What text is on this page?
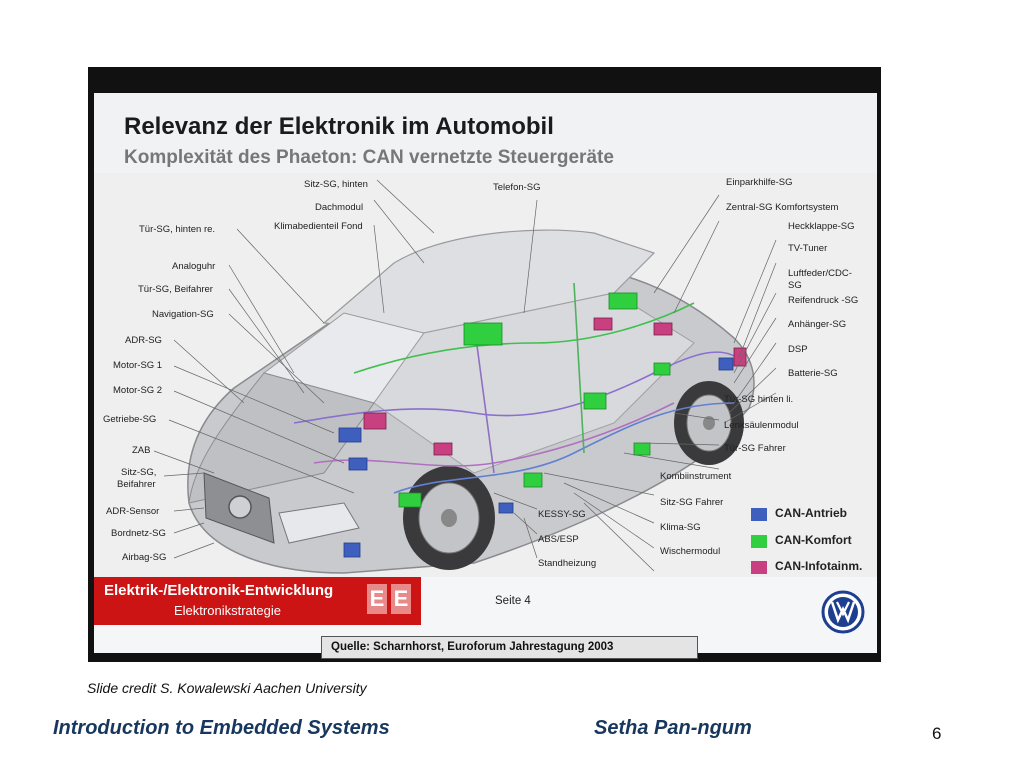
Relevanz der Elektronik im Automobil
Komplexität des Phaeton: CAN vernetzte Steuergeräte
Sitz-SG, hinten
Dachmodul
Tür-SG, hinten re.	Klimabedienteil Fond
Analoguhr
Tür-SG, Beifahrer
Navigation-SG
ADR-SG
Motor-SG 1
Motor-SG 2
Getriebe-SG
ZAB
Sitz-SG,
Beifahrer
ADR-Sensor
Bordnetz-SG
Airbag-SG
Telefon-SG
KESSY-SG
ABS/ESP
Standheizung
Einparkhilfe-SG
Zentral-SG Komfortsystem
Heckklappe-SG
TV-Tuner
Luftfeder/CDC-
SG
Reifendruck -SG
Anhänger-SG
DSP
Batterie-SG
Tür-SG hinten li.
Lenksäulenmodul
Tür-SG Fahrer
Kombiinstrument
Sitz-SG Fahrer
Klima-SG
Wischermodul
CAN-Antrieb
CAN-Komfort
CAN-Infotainm.
Elektrik-/Elektronik-Entwicklung
Elektronikstrategie	E E	Seite 4
Quelle: Scharnhorst, Euroforum Jahrestagung 2003
Slide credit S. Kowalewski Aachen University
Introduction to Embedded Systems	Setha Pan-ngum	6
